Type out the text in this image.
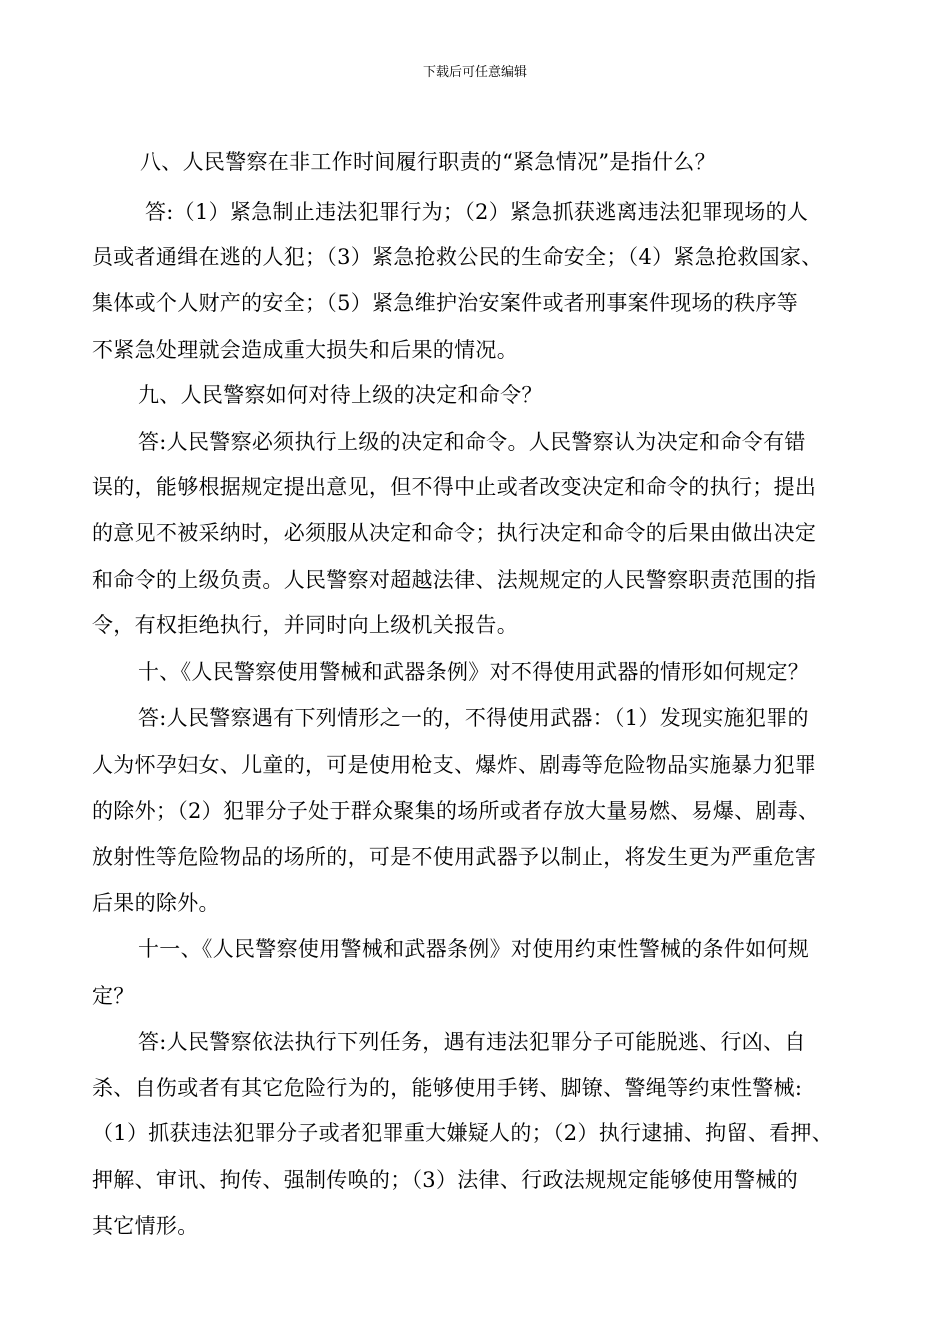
下载后可任意编辑
八、人民警察在非工作时间履行职责的“紧急情况”是指什么？
答:（1）紧急制止违法犯罪行为；（2）紧急抓获逃离违法犯罪现场的人
员或者通缉在逃的人犯；（3）紧急抢救公民的生命安全；（4）紧急抢救国家、
集体或个人财产的安全；（5）紧急维护治安案件或者刑事案件现场的秩序等
不紧急处理就会造成重大损失和后果的情况。
九、人民警察如何对待上级的决定和命令？
答:人民警察必须执行上级的决定和命令。人民警察认为决定和命令有错
误的，能够根据规定提出意见，但不得中止或者改变决定和命令的执行；提出
的意见不被采纳时，必须服从决定和命令；执行决定和命令的后果由做出决定
和命令的上级负责。人民警察对超越法律、法规规定的人民警察职责范围的指
令，有权拒绝执行，并同时向上级机关报告。
十、《人民警察使用警械和武器条例》对不得使用武器的情形如何规定？
答:人民警察遇有下列情形之一的，不得使用武器：（1）发现实施犯罪的
人为怀孕妇女、儿童的，可是使用枪支、爆炸、剧毒等危险物品实施暴力犯罪
的除外；（2）犯罪分子处于群众聚集的场所或者存放大量易燃、易爆、剧毒、
放射性等危险物品的场所的，可是不使用武器予以制止，将发生更为严重危害
后果的除外。
十一、《人民警察使用警械和武器条例》对使用约束性警械的条件如何规
定？
答:人民警察依法执行下列任务，遇有违法犯罪分子可能脱逃、行凶、自
杀、自伤或者有其它危险行为的，能够使用手铐、脚镣、警绳等约束性警械:
（1）抓获违法犯罪分子或者犯罪重大嫌疑人的；（2）执行逮捕、拘留、看押、
押解、审讯、拘传、强制传唤的；（3）法律、行政法规规定能够使用警械的
其它情形。
